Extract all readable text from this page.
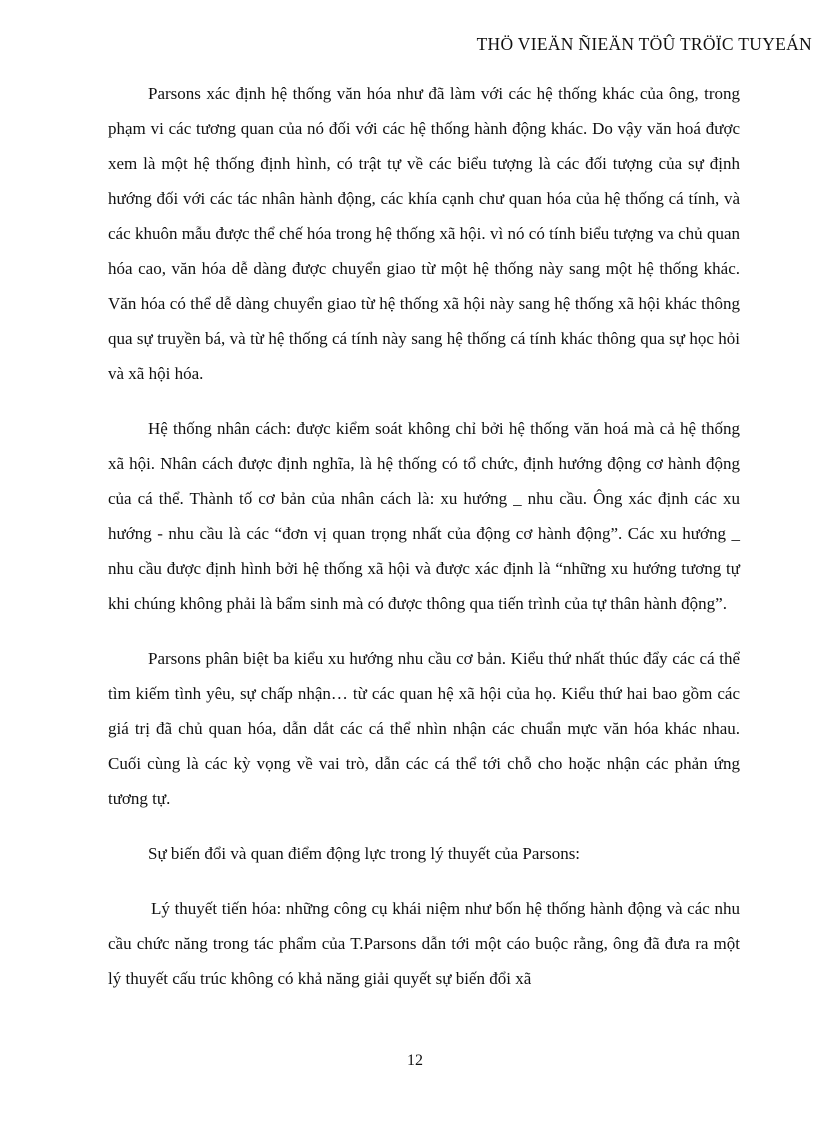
THÖ VIEÄN ÑIEÄN TÖÛ TRÖÏC TUYEÁN

Parsons xác định hệ thống văn hóa như đã làm với các hệ thống khác của ông, trong phạm vi các tương quan của nó đối với các hệ thống hành động khác. Do vậy văn hoá được xem là một hệ thống định hình, có trật tự về các biểu tượng là các đối tượng của sự định hướng đối với các tác nhân hành động, các khía cạnh chư quan hóa của hệ thống cá tính, và các khuôn mẫu được thể chế hóa trong hệ thống xã hội. vì nó có tính biểu tượng va chủ quan hóa cao, văn hóa dễ dàng được chuyển giao từ một hệ thống này sang một hệ thống khác. Văn hóa có thể dễ dàng chuyển giao từ hệ thống xã hội này sang hệ thống xã hội khác thông qua sự truyền bá, và từ hệ thống cá tính này sang hệ thống cá tính khác thông qua sự học hỏi và xã hội hóa.

Hệ thống nhân cách: được kiểm soát không chỉ bởi hệ thống văn hoá mà cả hệ thống xã hội. Nhân cách được định nghĩa, là hệ thống có tổ chức, định hướng động cơ hành động của cá thể. Thành tố cơ bản của nhân cách là: xu hướng _ nhu cầu. Ông xác định các xu hướng - nhu cầu là các “đơn vị quan trọng nhất của động cơ hành động”. Các xu hướng _ nhu cầu được định hình bởi hệ thống xã hội và được xác định là “những xu hướng tương tự khi chúng không phải là bẩm sinh mà có được thông qua tiến trình của tự thân hành động”.

Parsons phân biệt ba kiểu xu hướng nhu cầu cơ bản. Kiểu thứ nhất thúc đẩy các cá thể tìm kiếm tình yêu, sự chấp nhận… từ các quan hệ xã hội của họ. Kiểu thứ hai bao gồm các giá trị đã chủ quan hóa, dẫn dắt các cá thể nhìn nhận các chuẩn mực văn hóa khác nhau. Cuối cùng là các kỳ vọng về vai trò, dẫn các cá thể tới chỗ cho hoặc nhận các phản ứng tương tự.

Sự biến đổi và quan điểm động lực trong lý thuyết của Parsons:

Lý thuyết tiến hóa: những công cụ khái niệm như bốn hệ thống hành động và các nhu cầu chức năng trong tác phẩm của T.Parsons dẫn tới một cáo buộc rằng, ông đã đưa ra một lý thuyết cấu trúc không có khả năng giải quyết sự biến đổi xã

12
